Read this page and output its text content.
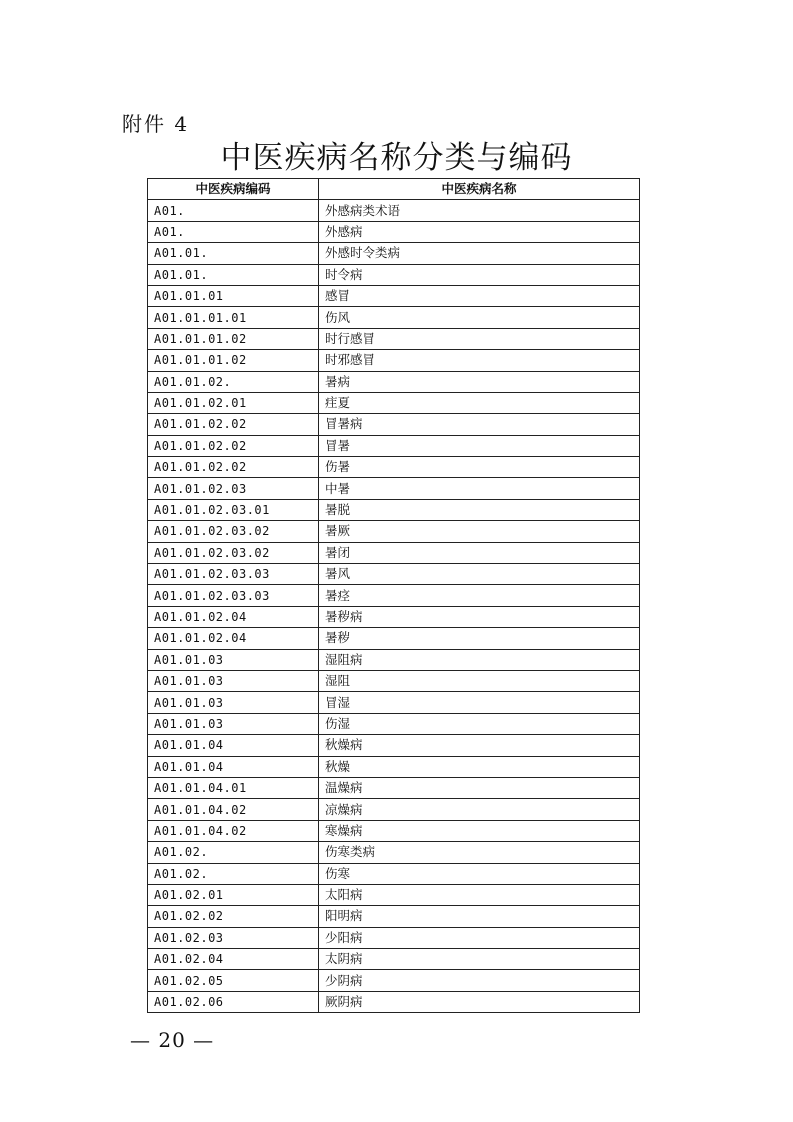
附件 4
中医疾病名称分类与编码
中医疾病编码	中医疾病名称
A01.	外感病类术语
A01.	外感病
A01.01.	外感时令类病
A01.01.	时令病
A01.01.01	感冒
A01.01.01.01	伤风
A01.01.01.02	时行感冒
A01.01.01.02	时邪感冒
A01.01.02.	暑病
A01.01.02.01	疰夏
A01.01.02.02	冒暑病
A01.01.02.02	冒暑
A01.01.02.02	伤暑
A01.01.02.03	中暑
A01.01.02.03.01	暑脱
A01.01.02.03.02	暑厥
A01.01.02.03.02	暑闭
A01.01.02.03.03	暑风
A01.01.02.03.03	暑痉
A01.01.02.04	暑秽病
A01.01.02.04	暑秽
A01.01.03	湿阻病
A01.01.03	湿阻
A01.01.03	冒湿
A01.01.03	伤湿
A01.01.04	秋燥病
A01.01.04	秋燥
A01.01.04.01	温燥病
A01.01.04.02	凉燥病
A01.01.04.02	寒燥病
A01.02.	伤寒类病
A01.02.	伤寒
A01.02.01	太阳病
A01.02.02	阳明病
A01.02.03	少阳病
A01.02.04	太阴病
A01.02.05	少阴病
A01.02.06	厥阴病
— 20 —
